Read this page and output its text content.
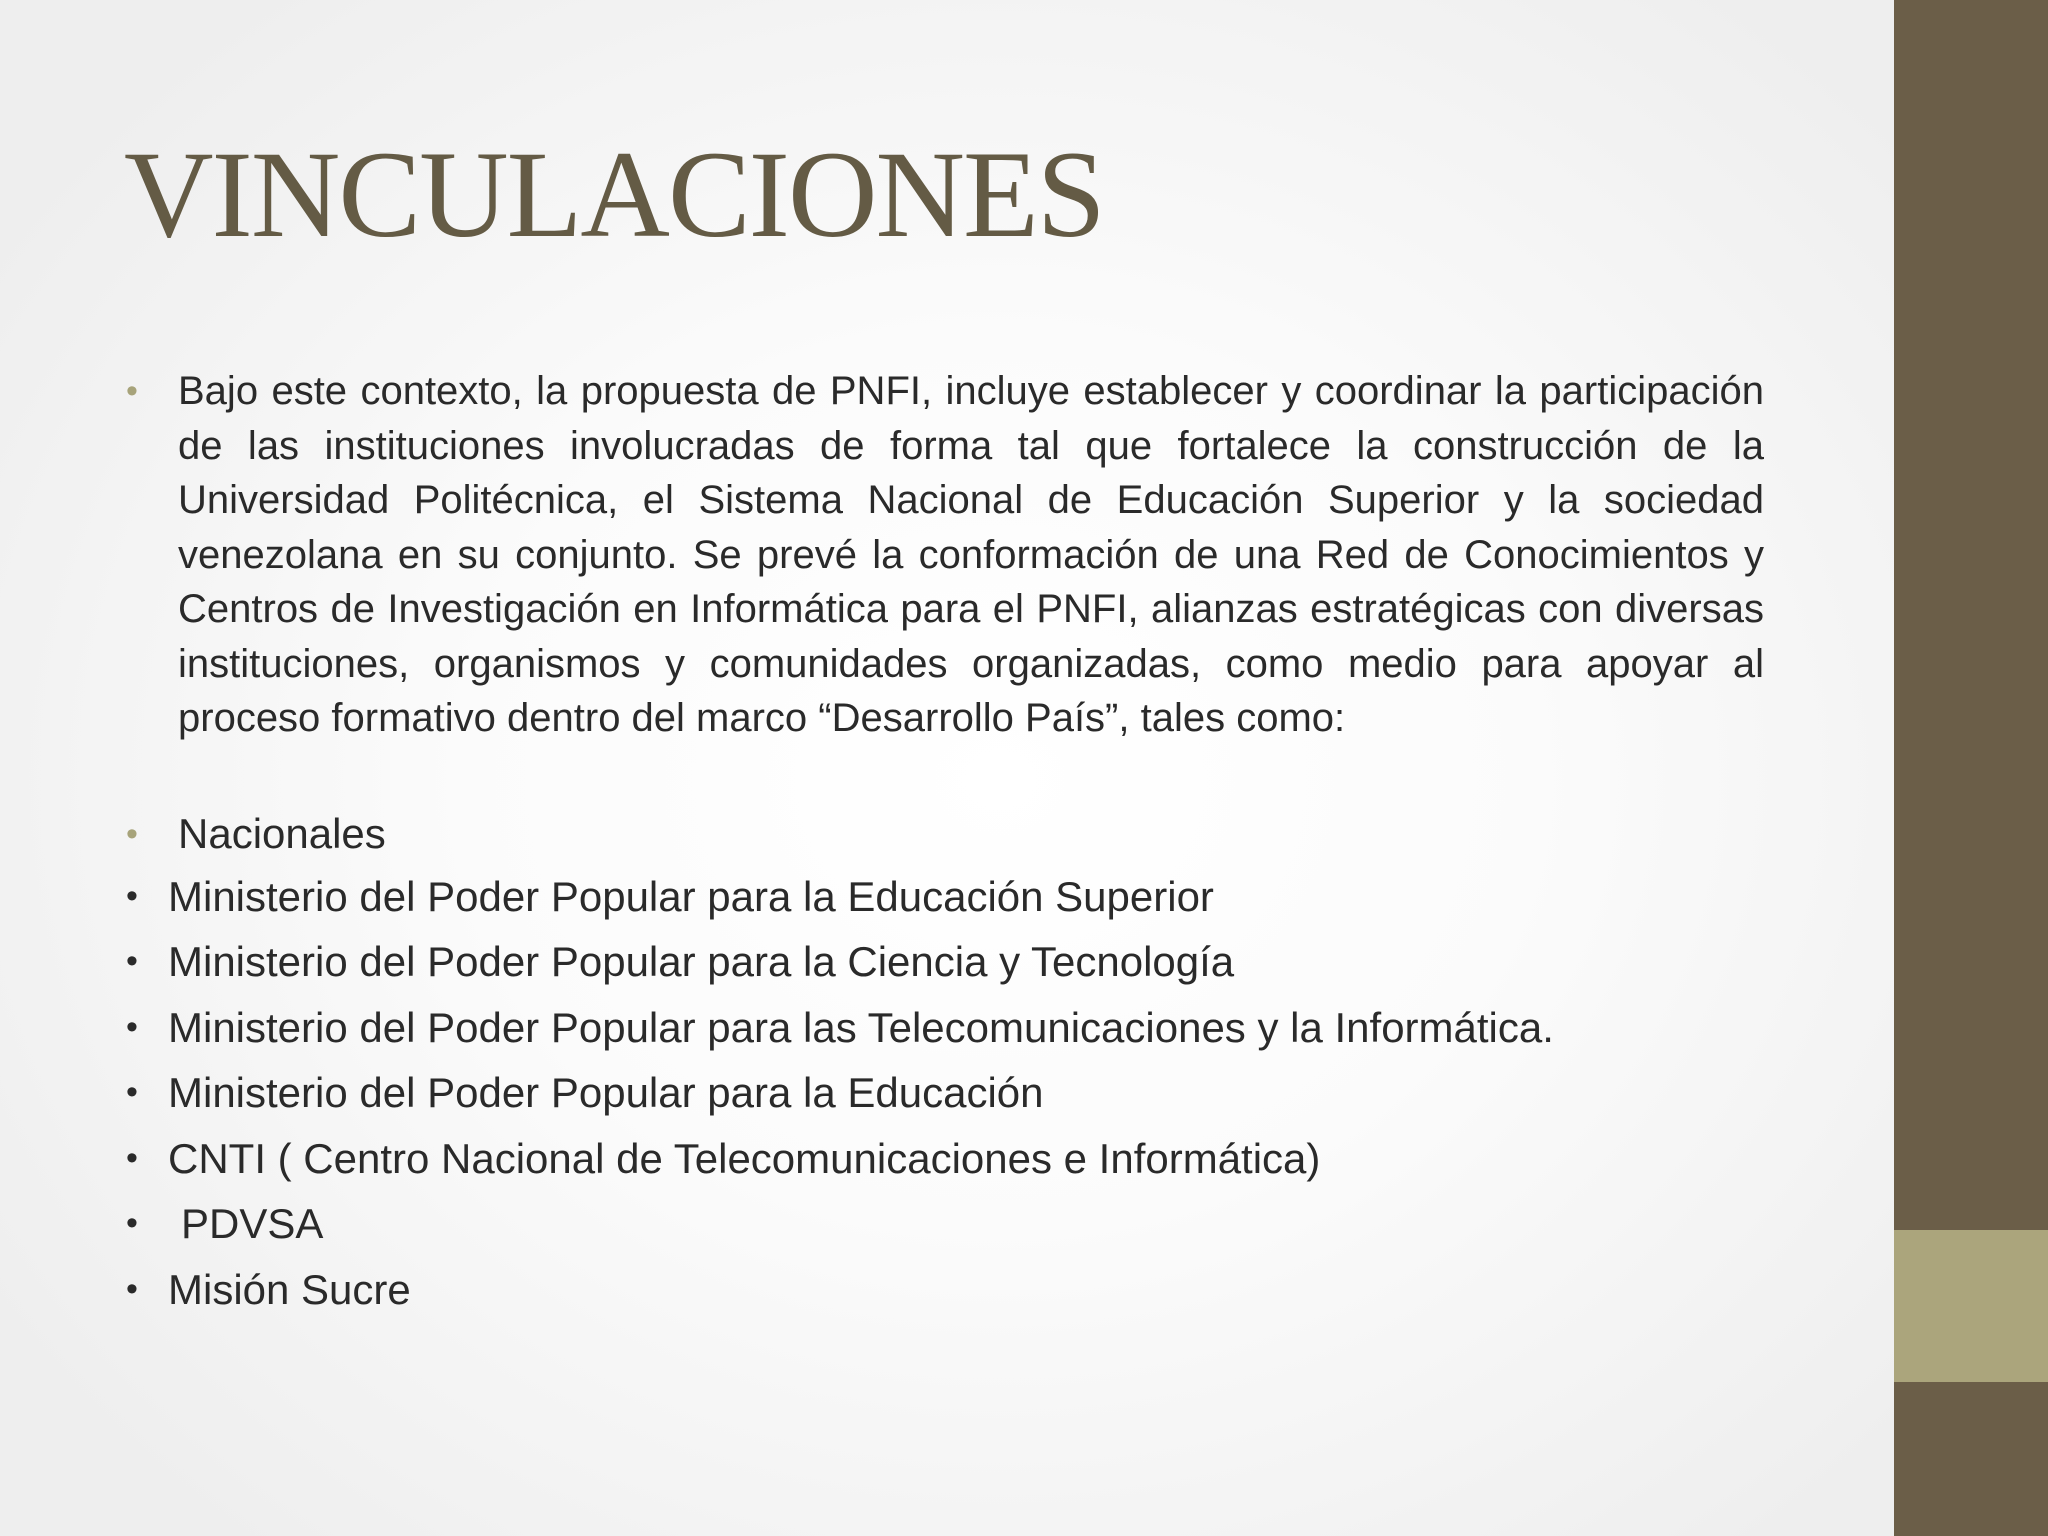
VINCULACIONES

• Bajo este contexto, la propuesta de PNFI, incluye establecer y coordinar la participación de las instituciones involucradas de forma tal que fortalece la construcción de la Universidad Politécnica, el Sistema Nacional de Educación Superior y la sociedad venezolana en su conjunto. Se prevé la conformación de una Red de Conocimientos y Centros de Investigación en Informática para el PNFI, alianzas estratégicas con diversas instituciones, organismos y comunidades organizadas, como medio para apoyar al proceso formativo dentro del marco “Desarrollo País”, tales como:

• Nacionales
• Ministerio del Poder Popular para la Educación Superior
• Ministerio del Poder Popular para la Ciencia y Tecnología
• Ministerio del Poder Popular para las Telecomunicaciones y la Informática.
• Ministerio del Poder Popular para la Educación
• CNTI ( Centro Nacional de Telecomunicaciones e Informática)
• PDVSA
• Misión Sucre
